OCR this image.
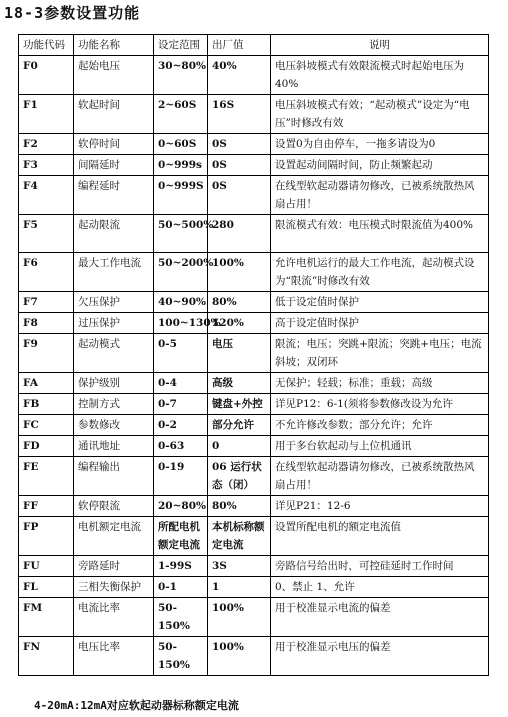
18-3参数设置功能
功能代码	功能名称	设定范围	出厂值	说明
F0	起始电压	30~80%	40%	电压斜坡模式有效限流模式时起始电压为40%
F1	软起时间	2~60S	16S	电压斜坡模式有效；“起动模式”设定为“电压”时修改有效
F2	软停时间	0~60S	0S	设置0为自由停车，一拖多请设为0
F3	间隔延时	0~999s	0S	设置起动间隔时间，防止频繁起动
F4	编程延时	0~999S	0S	在线型软起动器请勿修改，已被系统散热风扇占用！
F5	起动限流	50~500%	280	限流模式有效：电压模式时限流值为400%
F6	最大工作电流	50~200%	100%	允许电机运行的最大工作电流，起动模式设为“限流”时修改有效
F7	欠压保护	40~90%	80%	低于设定值时保护
F8	过压保护	100~130%	120%	高于设定值时保护
F9	起动模式	0-5	电压	限流；电压；突跳+限流；突跳+电压；电流斜坡；双闭环
FA	保护级别	0-4	高级	无保护；轻载；标准；重载；高级
FB	控制方式	0-7	键盘+外控	详见P12：6-1(须将参数修改设为允许
FC	参数修改	0-2	部分允许	不允许修改参数；部分允许；允许
FD	通讯地址	0-63	0	用于多台软起动与上位机通讯
FE	编程输出	0-19	06 运行状态（闭）	在线型软起动器请勿修改，已被系统散热风扇占用！
FF	软停限流	20~80%	80%	详见P21：12-6
FP	电机额定电流	所配电机额定电流	本机标称额定电流	设置所配电机的额定电流值
FU	旁路延时	1-99S	3S	旁路信号给出时，可控硅延时工作时间
FL	三相失衡保护	0-1	1	0、禁止 1、允许
FM	电流比率	50-150%	100%	用于校准显示电流的偏差
FN	电压比率	50-150%	100%	用于校准显示电压的偏差
4-20mA:12mA对应软起动器标称额定电流
